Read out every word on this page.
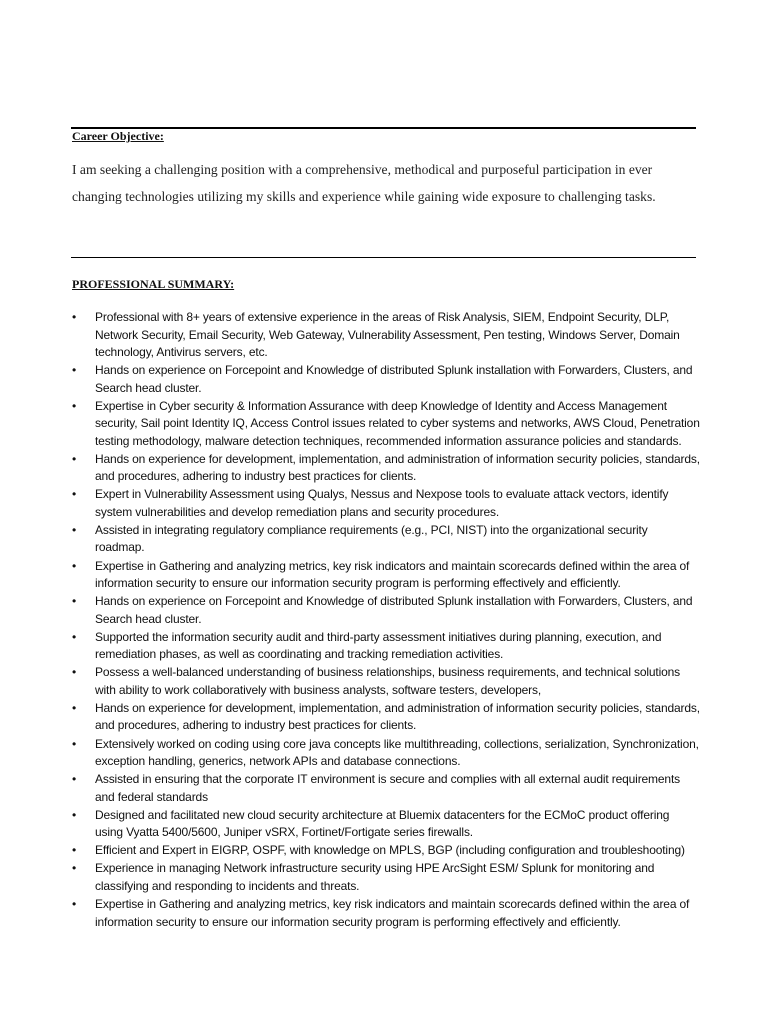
Career Objective:
I am seeking a challenging position with a comprehensive, methodical and purposeful participation in ever changing technologies utilizing my skills and experience while gaining wide exposure to challenging tasks.
PROFESSIONAL SUMMARY:
•	Professional with 8+ years of extensive experience in the areas of Risk Analysis, SIEM, Endpoint Security, DLP, Network Security, Email Security, Web Gateway, Vulnerability Assessment, Pen testing, Windows Server, Domain technology, Antivirus servers, etc.
•	Hands on experience on Forcepoint and Knowledge of distributed Splunk installation with Forwarders, Clusters, and Search head cluster.
•	Expertise in Cyber security & Information Assurance with deep Knowledge of Identity and Access Management security, Sail point Identity IQ, Access Control issues related to cyber systems and networks, AWS Cloud, Penetration testing methodology, malware detection techniques, recommended information assurance policies and standards.
•	Hands on experience for development, implementation, and administration of information security policies, standards, and procedures, adhering to industry best practices for clients.
•	Expert in Vulnerability Assessment using Qualys, Nessus and Nexpose tools to evaluate attack vectors, identify system vulnerabilities and develop remediation plans and security procedures.
•	Assisted in integrating regulatory compliance requirements (e.g., PCI, NIST) into the organizational security roadmap.
•	Expertise in Gathering and analyzing metrics, key risk indicators and maintain scorecards defined within the area of information security to ensure our information security program is performing effectively and efficiently.
•	Hands on experience on Forcepoint and Knowledge of distributed Splunk installation with Forwarders, Clusters, and Search head cluster.
•	Supported the information security audit and third-party assessment initiatives during planning, execution, and remediation phases, as well as coordinating and tracking remediation activities.
•	Possess a well-balanced understanding of business relationships, business requirements, and technical solutions with ability to work collaboratively with business analysts, software testers, developers,
•	Hands on experience for development, implementation, and administration of information security policies, standards, and procedures, adhering to industry best practices for clients.
•	Extensively worked on coding using core java concepts like multithreading, collections, serialization, Synchronization, exception handling, generics, network APIs and database connections.
•	Assisted in ensuring that the corporate IT environment is secure and complies with all external audit requirements and federal standards
•	Designed and facilitated new cloud security architecture at Bluemix datacenters for the ECMoC product offering using Vyatta 5400/5600, Juniper vSRX, Fortinet/Fortigate series firewalls.
•	Efficient and Expert in EIGRP, OSPF, with knowledge on MPLS, BGP (including configuration and troubleshooting)
•	Experience in managing Network infrastructure security using HPE ArcSight ESM/ Splunk for monitoring and classifying and responding to incidents and threats.
•	Expertise in Gathering and analyzing metrics, key risk indicators and maintain scorecards defined within the area of information security to ensure our information security program is performing effectively and efficiently.
